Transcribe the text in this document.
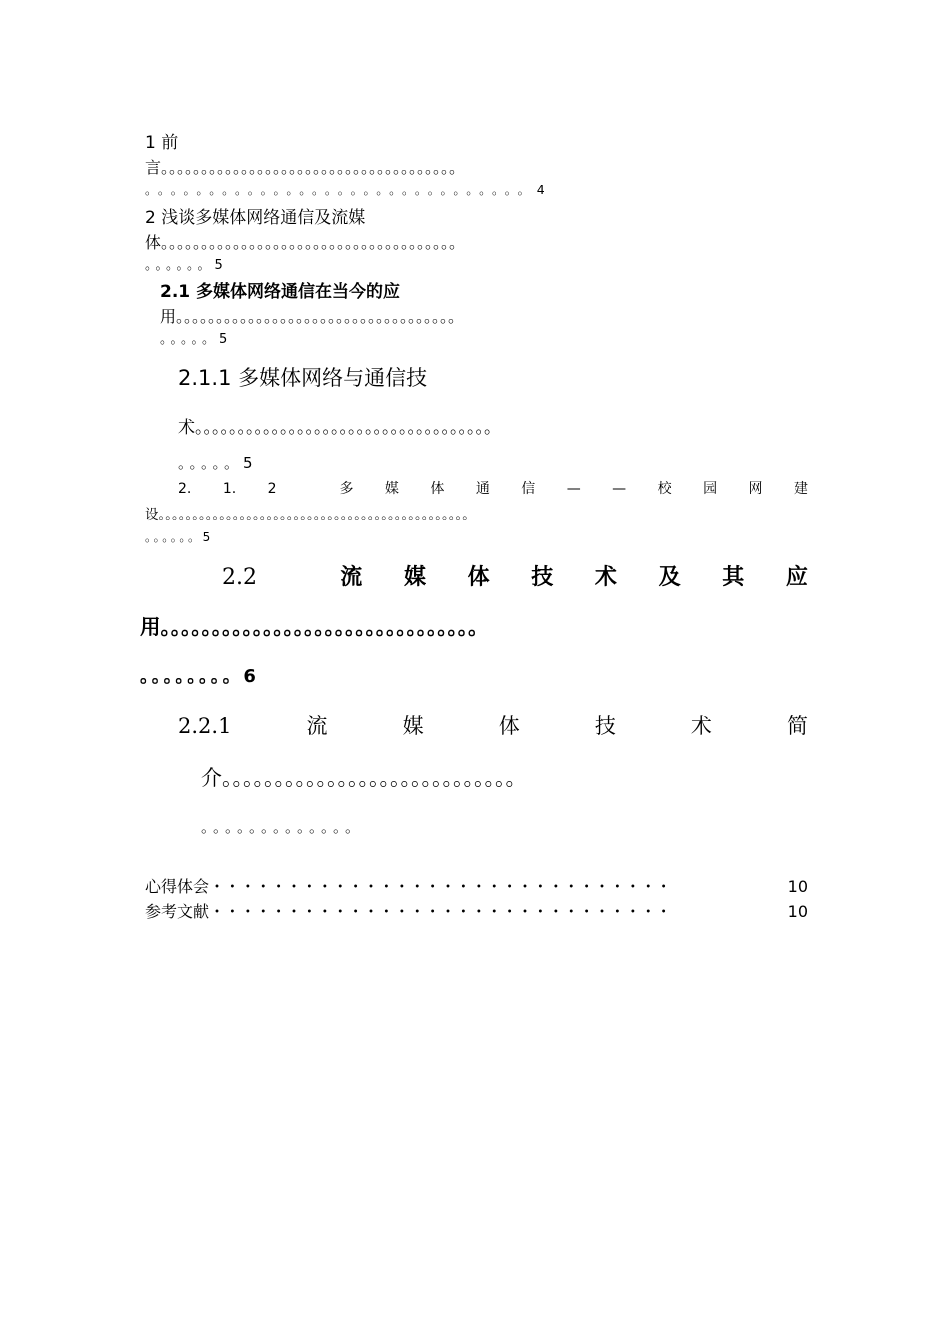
1 前
言。。。。。。。。。。。。。。。。。。。。。。。。。。。。。。。。。。。。。
。。。。。。。。。。。。。。。。。。。。。。。。。。。。。。4
2 浅谈多媒体网络通信及流媒
体。。。。。。。。。。。。。。。。。。。。。。。。。。。。。。。。。。。。。
。。。。。。5
2.1 多媒体网络通信在当今的应
用。。。。。。。。。。。。。。。。。。。。。。。。。。。。。。。。。。。
。。。。。5
2.1.1 多媒体网络与通信技
术。。。。。。。。。。。。。。。。。。。。。。。。。。。。。。。。。。。
。。。。。5
2. 1. 2	多 媒 体 通 信 — — 校 园 网 建
设。。。。。。。。。。。。。。。。。。。。。。。。。。。。。。。。。。。。。。。。。。。。。。
。。。。。。5
2.2	流 媒 体 技 术 及 其 应
用。。。。。。。。。。。。。。。。。。。。。。。。。。。。。。。
。。。。。。。。6
2.2.1	流	媒	体	技	术	简
介。。。。。。。。。。。。。。。。。。。。。。。。。。。。
。。。。。。。。。。。。。
心得体会 ・・・・・・・・・・・・・・・・・・・・・・・・・・・・・・	10
参考文献 ・・・・・・・・・・・・・・・・・・・・・・・・・・・・・・	10
